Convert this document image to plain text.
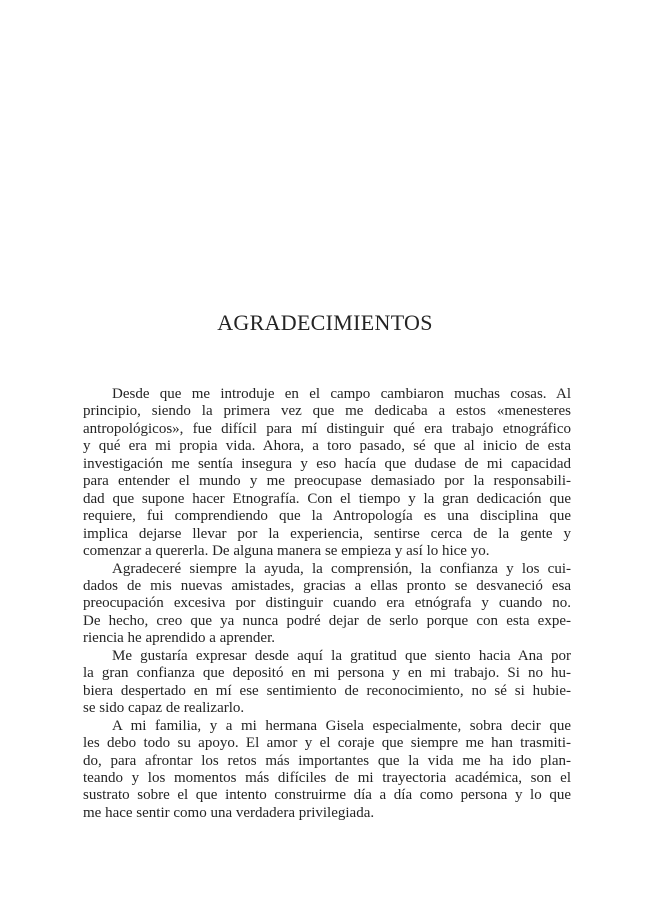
AGRADECIMIENTOS
Desde que me introduje en el campo cambiaron muchas cosas. Al
principio, siendo la primera vez que me dedicaba a estos «menesteres
antropológicos», fue difícil para mí distinguir qué era trabajo etnográfico
y qué era mi propia vida. Ahora, a toro pasado, sé que al inicio de esta
investigación me sentía insegura y eso hacía que dudase de mi capacidad
para entender el mundo y me preocupase demasiado por la responsabili-
dad que supone hacer Etnografía. Con el tiempo y la gran dedicación que
requiere, fui comprendiendo que la Antropología es una disciplina que
implica dejarse llevar por la experiencia, sentirse cerca de la gente y
comenzar a quererla. De alguna manera se empieza y así lo hice yo.
Agradeceré siempre la ayuda, la comprensión, la confianza y los cui-
dados de mis nuevas amistades, gracias a ellas pronto se desvaneció esa
preocupación excesiva por distinguir cuando era etnógrafa y cuando no.
De hecho, creo que ya nunca podré dejar de serlo porque con esta expe-
riencia he aprendido a aprender.
Me gustaría expresar desde aquí la gratitud que siento hacia Ana por
la gran confianza que depositó en mi persona y en mi trabajo. Si no hu-
biera despertado en mí ese sentimiento de reconocimiento, no sé si hubie-
se sido capaz de realizarlo.
A mi familia, y a mi hermana Gisela especialmente, sobra decir que
les debo todo su apoyo. El amor y el coraje que siempre me han trasmiti-
do, para afrontar los retos más importantes que la vida me ha ido plan-
teando y los momentos más difíciles de mi trayectoria académica, son el
sustrato sobre el que intento construirme día a día como persona y lo que
me hace sentir como una verdadera privilegiada.
